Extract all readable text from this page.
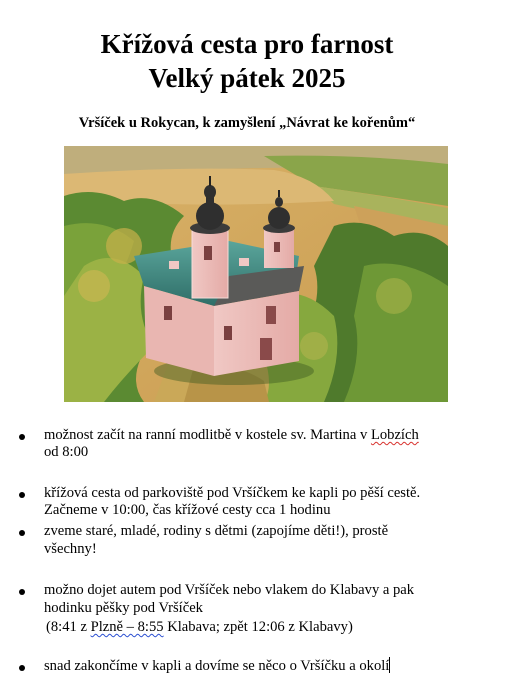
Křížová cesta pro farnost
Velký pátek 2025
Vršíček u Rokycan, k zamyšlení „Návrat ke kořenům“
možnost začít na ranní modlitbě v kostele sv. Martina v Lobzích
od 8:00
křížová cesta od parkoviště pod Vršíčkem ke kapli po pěší cestě.
Začneme v 10:00, čas křížové cesty cca 1 hodinu
zveme staré, mladé, rodiny s dětmi (zapojíme děti!), prostě
všechny!
možno dojet autem pod Vršíček nebo vlakem do Klabavy a pak
hodinku pěšky pod Vršíček
(8:41 z Plzně – 8:55 Klabava; zpět 12:06 z Klabavy)
snad zakončíme v kapli a dovíme se něco o Vršíčku a okolí
